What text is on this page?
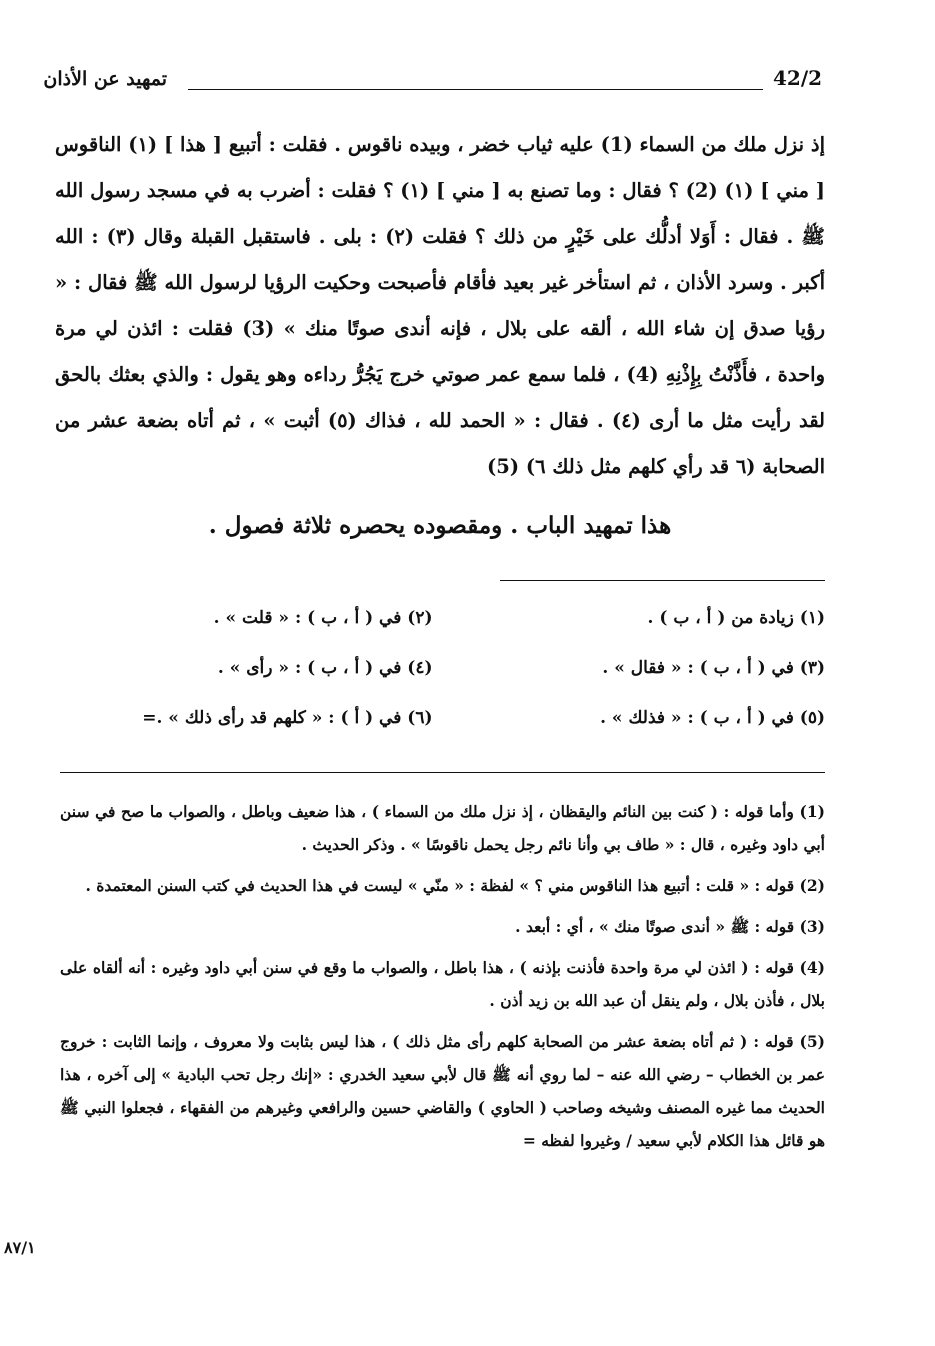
تمهيد عن الأذان	42/2

إذ نزل ملك من السماء (1) عليه ثياب خضر ، وبيده ناقوس . فقلت : أتبيع [ هذا ] (١) الناقوس [ مني ] (١) (2) ؟ فقال : وما تصنع به [ مني ] (١) ؟ فقلت : أضرب به في مسجد رسول الله ﷺ . فقال : أَوَلا أدلُّك على خَيْرٍ من ذلك ؟ فقلت (٢) : بلى . فاستقبل القبلة وقال (٣) : الله أكبر . وسرد الأذان ، ثم استأخر غير بعيد فأقام فأصبحت وحكيت الرؤيا لرسول الله ﷺ فقال : « رؤيا صدق إن شاء الله ، ألقه على بلال ، فإنه أندى صوتًا منك » (3) فقلت : ائذن لي مرة واحدة ، فأَذَّنْتُ بِإِذْنِهِ (4) ، فلما سمع عمر صوتي خرج يَجُرُّ رداءه وهو يقول : والذي بعثك بالحق لقد رأيت مثل ما أرى (٤) . فقال : « الحمد لله ، فذاك (٥) أثبت » ، ثم أتاه بضعة عشر من الصحابة (٦ قد رأي كلهم مثل ذلك ٦) (5)

هذا تمهيد الباب . ومقصوده يحصره ثلاثة فصول .
(١) زيادة من ( أ ، ب ) .
(٢) في ( أ ، ب ) : « قلت » .
(٣) في ( أ ، ب ) : « فقال » .
(٤) في ( أ ، ب ) : « رأى » .
(٥) في ( أ ، ب ) : « فذلك » .
(٦) في ( أ ) : « كلهم قد رأى ذلك » .=

(1) وأما قوله : ( كنت بين النائم واليقظان ، إذ نزل ملك من السماء ) ، هذا ضعيف وباطل ، والصواب ما صح في سنن أبي داود وغيره ، قال : « طاف بي وأنا نائم رجل يحمل ناقوسًا » . وذكر الحديث .

(2) قوله : « قلت : أتبيع هذا الناقوس مني ؟ » لفظة : « منّي » ليست في هذا الحديث في كتب السنن المعتمدة .

(3) قوله : ﷺ « أندى صوتًا منك » ، أي : أبعد .

(4) قوله : ( ائذن لي مرة واحدة فأذنت بإذنه ) ، هذا باطل ، والصواب ما وقع في سنن أبي داود وغيره : أنه ألقاه على بلال ، فأذن بلال ، ولم ينقل أن عبد الله بن زيد أذن .

(5) قوله : ( ثم أتاه بضعة عشر من الصحابة كلهم رأى مثل ذلك ) ، هذا ليس بثابت ولا معروف ، وإنما الثابت : خروج عمر بن الخطاب – رضي الله عنه – لما روي أنه ﷺ قال لأبي سعيد الخدري : «إنك رجل تحب البادية » إلى آخره ، هذا الحديث مما غيره المصنف وشيخه وصاحب ( الحاوي ) والقاضي حسين والرافعي وغيرهم من الفقهاء ، فجعلوا النبي ﷺ هو قائل هذا الكلام لأبي سعيد / وغيروا لفظه =

٨٧/١
